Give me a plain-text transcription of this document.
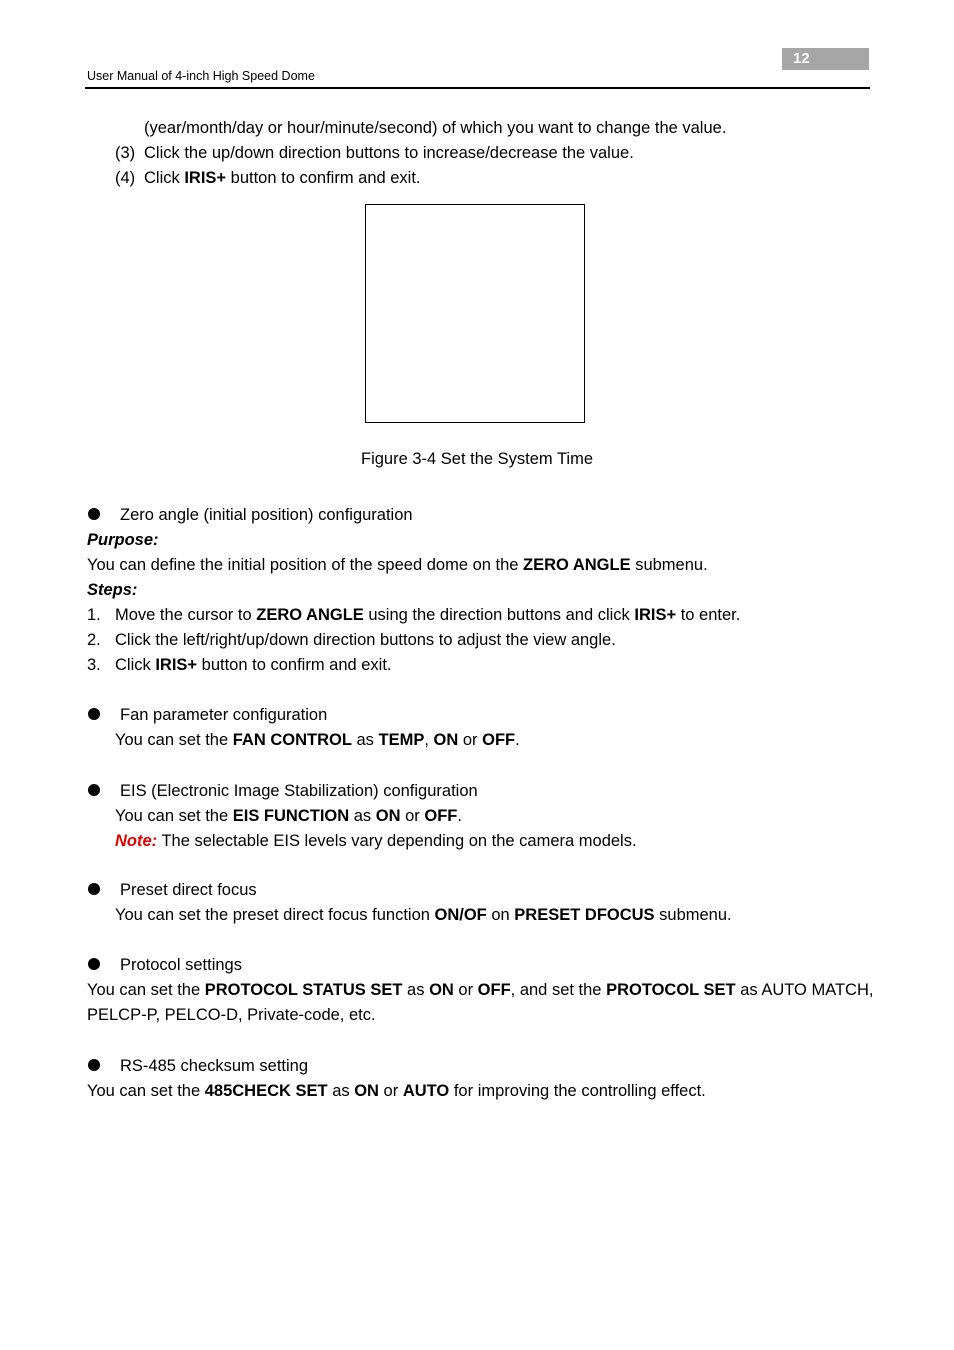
12
User Manual of 4-inch High Speed Dome
(year/month/day or hour/minute/second) of which you want to change the value.
(3) Click the up/down direction buttons to increase/decrease the value.
(4) Click IRIS+ button to confirm and exit.
Figure 3-4 Set the System Time
Zero angle (initial position) configuration
Purpose:
You can define the initial position of the speed dome on the ZERO ANGLE submenu.
Steps:
1. Move the cursor to ZERO ANGLE using the direction buttons and click IRIS+ to enter.
2. Click the left/right/up/down direction buttons to adjust the view angle.
3. Click IRIS+ button to confirm and exit.
Fan parameter configuration
You can set the FAN CONTROL as TEMP, ON or OFF.
EIS (Electronic Image Stabilization) configuration
You can set the EIS FUNCTION as ON or OFF.
Note: The selectable EIS levels vary depending on the camera models.
Preset direct focus
You can set the preset direct focus function ON/OF on PRESET DFOCUS submenu.
Protocol settings
You can set the PROTOCOL STATUS SET as ON or OFF, and set the PROTOCOL SET as AUTO MATCH,
PELCP-P, PELCO-D, Private-code, etc.
RS-485 checksum setting
You can set the 485CHECK SET as ON or AUTO for improving the controlling effect.
